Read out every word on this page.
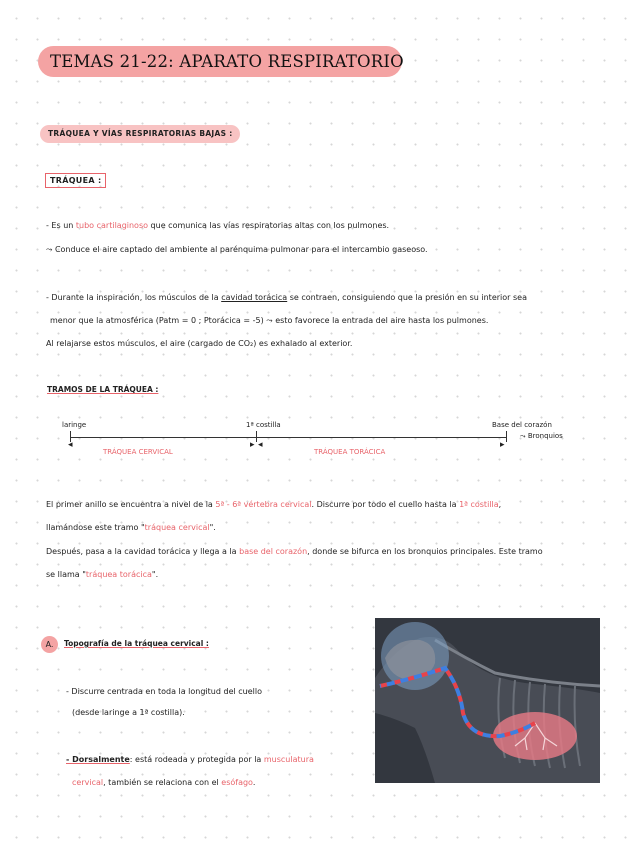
TEMAS 21-22: APARATO RESPIRATORIO
TRÁQUEA Y VÍAS RESPIRATORIAS BAJAS :
TRÁQUEA :
- Es un tubo cartilaginoso que comunica las vías respiratorias altas con los pulmones.
⤳ Conduce el aire captado del ambiente al parénquima pulmonar para el intercambio gaseoso.
- Durante la inspiración, los músculos de la cavidad torácica se contraen, consiguiendo que la presión en su interior sea
menor que la atmosférica (Patm = 0 ; Ptorácica = -5) ⤳ esto favorece la entrada del aire hasta los pulmones.
Al relajarse estos músculos, el aire (cargado de CO₂) es exhalado al exterior.
TRAMOS DE LA TRÁQUEA :
laringe	1ª costilla	Base del corazón
⤳ Bronquios
◂	▸ ◂	▸
TRÁQUEA CERVICAL	TRÁQUEA TORÁCICA
El primer anillo se encuentra a nivel de la 5ª - 6ª vértebra cervical. Discurre por todo el cuello hasta la 1ª costilla,
llamándose este tramo "tráquea cervical".
Después, pasa a la cavidad torácica y llega a la base del corazón, donde se bifurca en los bronquios principales. Este tramo
se llama "tráquea torácica".
A.	Topografía de la tráquea cervical :
- Discurre centrada en toda la longitud del cuello
(desde laringe a 1ª costilla).
- Dorsalmente: está rodeada y protegida por la musculatura
cervical, también se relaciona con el esófago.
